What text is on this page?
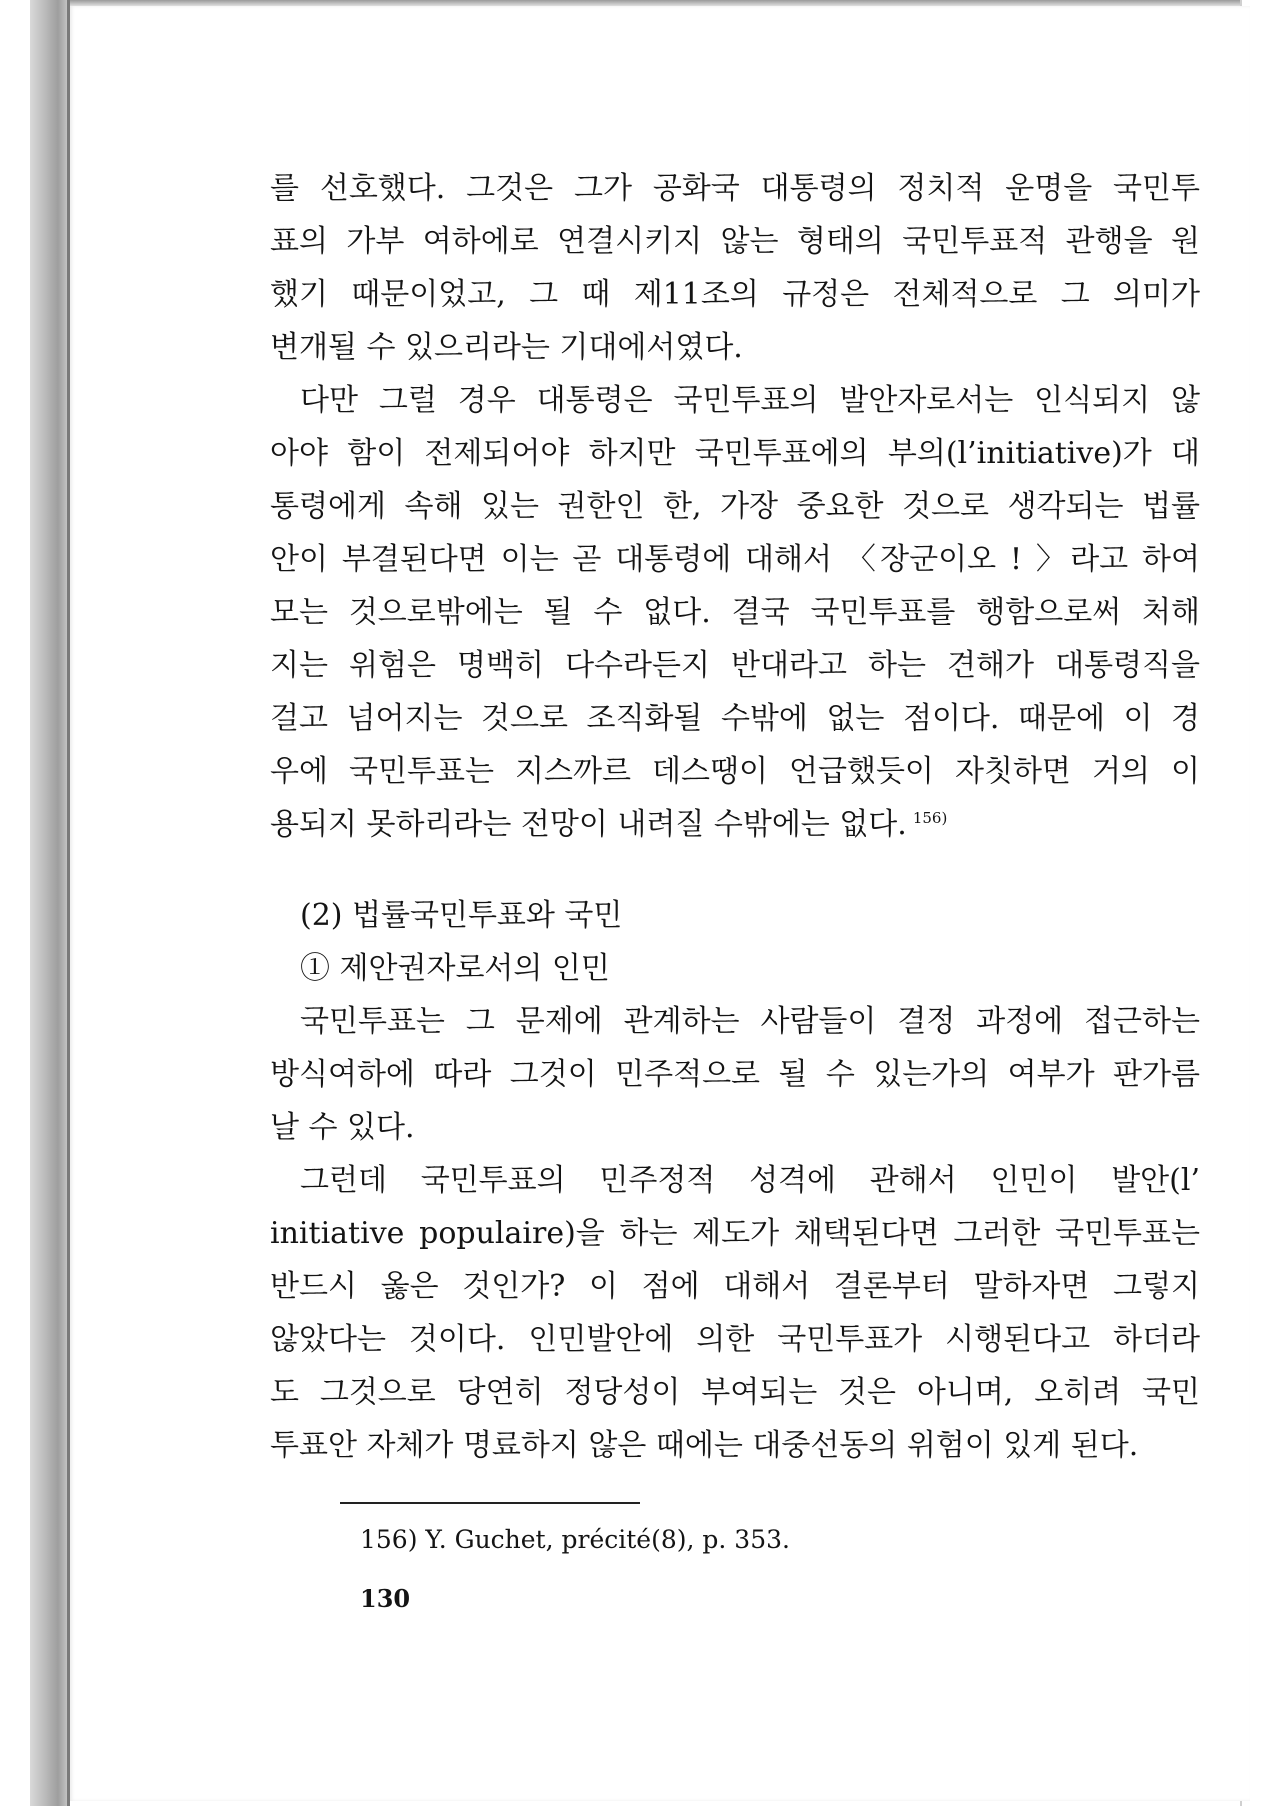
를 선호했다. 그것은 그가 공화국 대통령의 정치적 운명을 국민투
표의 가부 여하에로 연결시키지 않는 형태의 국민투표적 관행을 원
했기 때문이었고, 그 때 제11조의 규정은 전체적으로 그 의미가
변개될 수 있으리라는 기대에서였다.
다만 그럴 경우 대통령은 국민투표의 발안자로서는 인식되지 않
아야 함이 전제되어야 하지만 국민투표에의 부의(l’initiative)가 대
통령에게 속해 있는 권한인 한, 가장 중요한 것으로 생각되는 법률
안이 부결된다면 이는 곧 대통령에 대해서 〈장군이오 ! 〉라고 하여
모는 것으로밖에는 될 수 없다. 결국 국민투표를 행함으로써 처해
지는 위험은 명백히 다수라든지 반대라고 하는 견해가 대통령직을
걸고 넘어지는 것으로 조직화될 수밖에 없는 점이다. 때문에 이 경
우에 국민투표는 지스까르 데스땡이 언급했듯이 자칫하면 거의 이
용되지 못하리라는 전망이 내려질 수밖에는 없다. $^{156)}$
(2) 법률국민투표와 국민
① 제안권자로서의 인민
국민투표는 그 문제에 관계하는 사람들이 결정 과정에 접근하는
방식여하에 따라 그것이 민주적으로 될 수 있는가의 여부가 판가름
날 수 있다.
그런데 국민투표의 민주정적 성격에 관해서 인민이 발안(l’
initiative populaire)을 하는 제도가 채택된다면 그러한 국민투표는
반드시 옳은 것인가? 이 점에 대해서 결론부터 말하자면 그렇지
않았다는 것이다. 인민발안에 의한 국민투표가 시행된다고 하더라
도 그것으로 당연히 정당성이 부여되는 것은 아니며, 오히려 국민
투표안 자체가 명료하지 않은 때에는 대중선동의 위험이 있게 된다.
156) Y. Guchet, précité(8), p. 353.
130
